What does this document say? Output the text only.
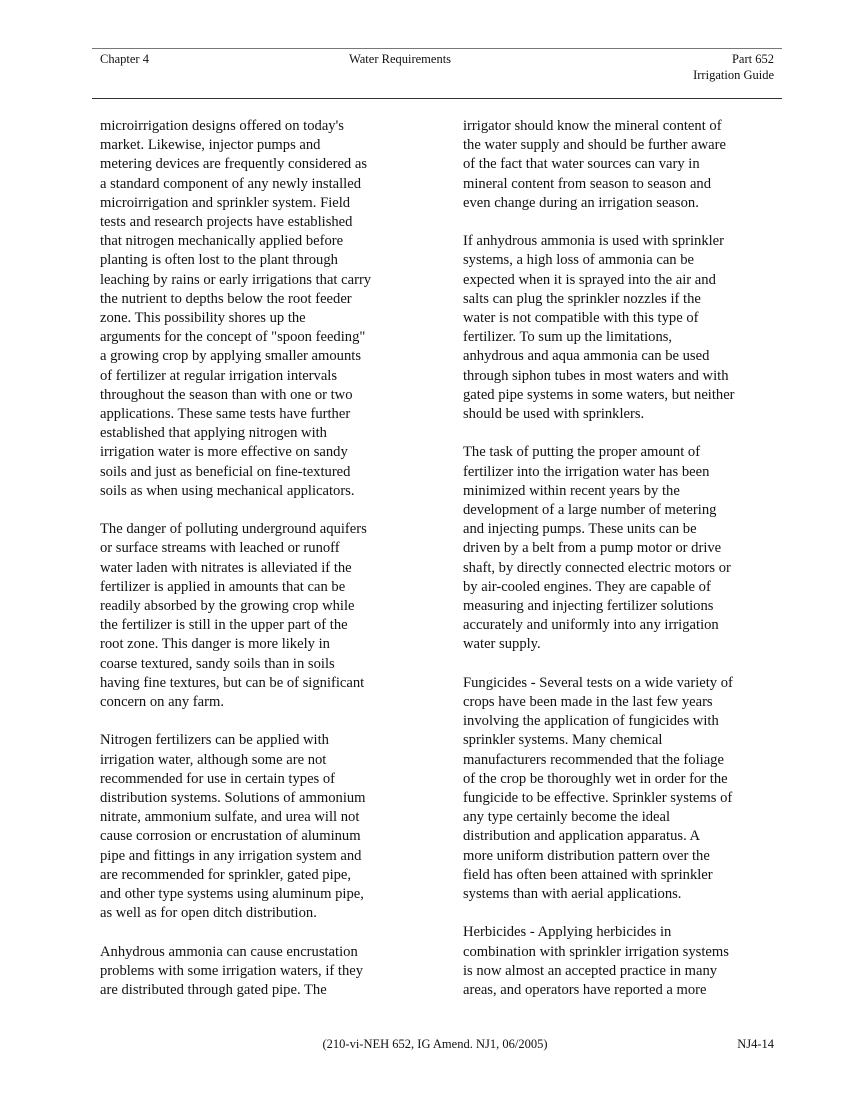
Chapter 4	Water Requirements	Part 652
Irrigation Guide

microirrigation designs offered on today's
market. Likewise, injector pumps and
metering devices are frequently considered as
a standard component of any newly installed
microirrigation and sprinkler system. Field
tests and research projects have established
that nitrogen mechanically applied before
planting is often lost to the plant through
leaching by rains or early irrigations that carry
the nutrient to depths below the root feeder
zone. This possibility shores up the
arguments for the concept of "spoon feeding"
a growing crop by applying smaller amounts
of fertilizer at regular irrigation intervals
throughout the season than with one or two
applications. These same tests have further
established that applying nitrogen with
irrigation water is more effective on sandy
soils and just as beneficial on fine-textured
soils as when using mechanical applicators.

The danger of polluting underground aquifers
or surface streams with leached or runoff
water laden with nitrates is alleviated if the
fertilizer is applied in amounts that can be
readily absorbed by the growing crop while
the fertilizer is still in the upper part of the
root zone. This danger is more likely in
coarse textured, sandy soils than in soils
having fine textures, but can be of significant
concern on any farm.

Nitrogen fertilizers can be applied with
irrigation water, although some are not
recommended for use in certain types of
distribution systems. Solutions of ammonium
nitrate, ammonium sulfate, and urea will not
cause corrosion or encrustation of aluminum
pipe and fittings in any irrigation system and
are recommended for sprinkler, gated pipe,
and other type systems using aluminum pipe,
as well as for open ditch distribution.

Anhydrous ammonia can cause encrustation
problems with some irrigation waters, if they
are distributed through gated pipe. The

irrigator should know the mineral content of
the water supply and should be further aware
of the fact that water sources can vary in
mineral content from season to season and
even change during an irrigation season.

If anhydrous ammonia is used with sprinkler
systems, a high loss of ammonia can be
expected when it is sprayed into the air and
salts can plug the sprinkler nozzles if the
water is not compatible with this type of
fertilizer. To sum up the limitations,
anhydrous and aqua ammonia can be used
through siphon tubes in most waters and with
gated pipe systems in some waters, but neither
should be used with sprinklers.

The task of putting the proper amount of
fertilizer into the irrigation water has been
minimized within recent years by the
development of a large number of metering
and injecting pumps. These units can be
driven by a belt from a pump motor or drive
shaft, by directly connected electric motors or
by air-cooled engines. They are capable of
measuring and injecting fertilizer solutions
accurately and uniformly into any irrigation
water supply.

Fungicides - Several tests on a wide variety of
crops have been made in the last few years
involving the application of fungicides with
sprinkler systems. Many chemical
manufacturers recommended that the foliage
of the crop be thoroughly wet in order for the
fungicide to be effective. Sprinkler systems of
any type certainly become the ideal
distribution and application apparatus. A
more uniform distribution pattern over the
field has often been attained with sprinkler
systems than with aerial applications.

Herbicides - Applying herbicides in
combination with sprinkler irrigation systems
is now almost an accepted practice in many
areas, and operators have reported a more

(210-vi-NEH 652, IG Amend. NJ1, 06/2005)	NJ4-14
